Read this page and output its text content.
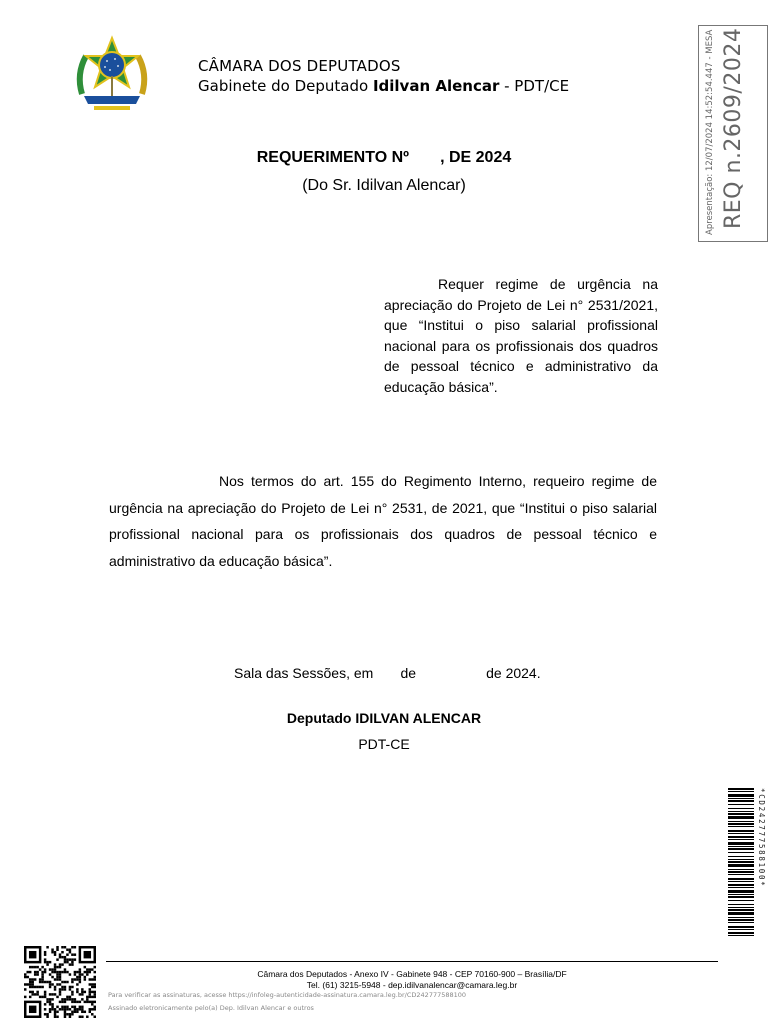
CÂMARA DOS DEPUTADOS
Gabinete do Deputado Idilvan Alencar - PDT/CE	Apresentação: 12/07/2024 14:52:54.447 - MESA REQ n.2609/2024
REQUERIMENTO Nº       , DE 2024
(Do Sr. Idilvan Alencar)
Requer regime de urgência na apreciação do Projeto de Lei n° 2531/2021, que “Institui o piso salarial profissional nacional para os profissionais dos quadros de pessoal técnico e administrativo da educação básica”.
Nos termos do art. 155 do Regimento Interno, requeiro regime de urgência na apreciação do Projeto de Lei n° 2531, de 2021, que “Institui o piso salarial profissional nacional para os profissionais dos quadros de pessoal técnico e administrativo da educação básica”.
Sala das Sessões, em       de                  de 2024.
Deputado IDILVAN ALENCAR
PDT-CE
*CD242777588100*
Câmara dos Deputados - Anexo IV - Gabinete 948 - CEP 70160-900 – Brasília/DF
Tel. (61) 3215-5948 - dep.idilvanalencar@camara.leg.br
Para verificar as assinaturas, acesse https://infoleg-autenticidade-assinatura.camara.leg.br/CD242777588100
Assinado eletronicamente pelo(a) Dep. Idilvan Alencar e outros
